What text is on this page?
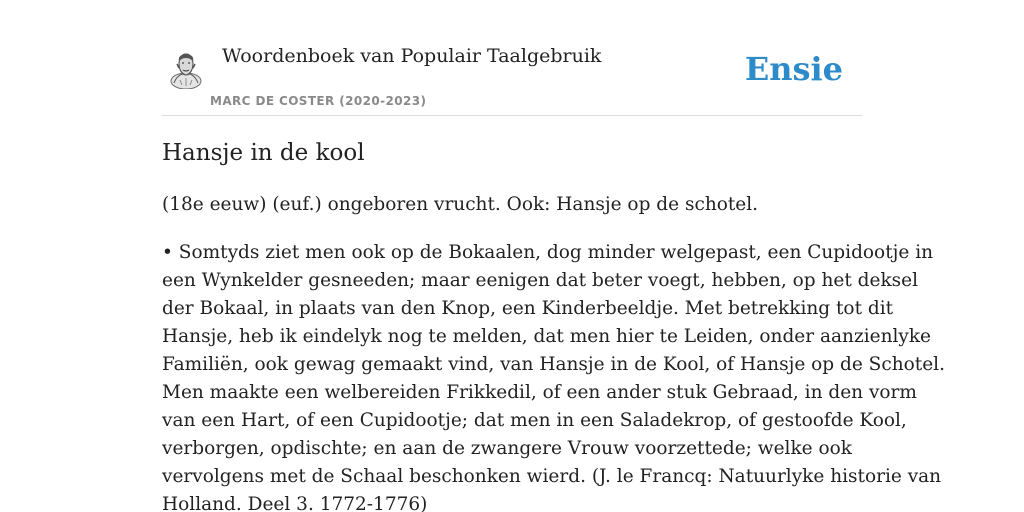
Woordenboek van Populair Taalgebruik
MARC DE COSTER (2020-2023)
Ensie
Hansje in de kool

(18e eeuw) (euf.) ongeboren vrucht. Ook: Hansje op de schotel.

• Somtyds ziet men ook op de Bokaalen, dog minder welgepast, een Cupidootje in
een Wynkelder gesneeden; maar eenigen dat beter voegt, hebben, op het deksel
der Bokaal, in plaats van den Knop, een Kinderbeeldje. Met betrekking tot dit
Hansje, heb ik eindelyk nog te melden, dat men hier te Leiden, onder aanzienlyke
Familiën, ook gewag gemaakt vind, van Hansje in de Kool, of Hansje op de Schotel.
Men maakte een welbereiden Frikkedil, of een ander stuk Gebraad, in den vorm
van een Hart, of een Cupidootje; dat men in een Saladekrop, of gestoofde Kool,
verborgen, opdischte; en aan de zwangere Vrouw voorzettede; welke ook
vervolgens met de Schaal beschonken wierd. (J. le Francq: Natuurlyke historie van
Holland. Deel 3. 1772-1776)
